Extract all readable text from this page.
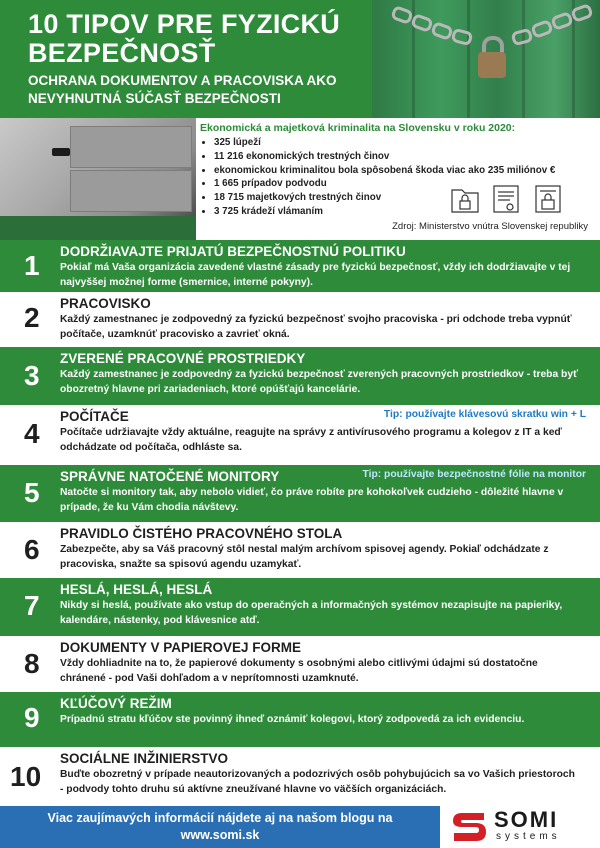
10 TIPOV PRE FYZICKÚ BEZPEČNOSŤ

OCHRANA DOKUMENTOV A PRACOVISKA AKO NEVYHNUTNÁ SÚČASŤ BEZPEČNOSTI

Ekonomická a majetková kriminalita na Slovensku v roku 2020:

• 325 lúpeží
• 11 216 ekonomických trestných činov
• ekonomickou kriminalitou bola spôsobená škoda viac ako 235 miliónov €
• 1 665 prípadov podvodu
• 18 715 majetkových trestných činov
• 3 725 krádeží vlámaním

Zdroj: Ministerstvo vnútra Slovenskej republiky

1 DODRŽIAVAJTE PRIJATÚ BEZPEČNOSTNÚ POLITIKU

Pokiaľ má Vaša organizácia zavedené vlastné zásady pre fyzickú bezpečnosť, vždy ich dodržiavajte v tej najvyššej možnej forme (smernice, interné pokyny).

2 PRACOVISKO

Každý zamestnanec je zodpovedný za fyzickú bezpečnosť svojho pracoviska - pri odchode treba vypnúť počítače, uzamknúť pracovisko a zavrieť okná.

3

ZVERENÉ PRACOVNÉ PROSTRIEDKY

Každý zamestnanec je zodpovedný za fyzickú bezpečnosť zverených pracovných prostriedkov - treba byť obozretný hlavne pri zariadeniach, ktoré opúšťajú kancelárie.

4

POČÍTAČE	Tip: používajte klávesovú skratku win + L

Počítače udržiavajte vždy aktuálne, reagujte na správy z antivírusového programu a kolegov z IT a keď odchádzate od počítača, odhláste sa.

5

SPRÁVNE NATOČENÉ MONITORY	Tip: používajte bezpečnostné fólie na monitor

Natočte si monitory tak, aby nebolo vidieť, čo práve robíte pre kohokoľvek cudzieho - dôležité hlavne v prípade, že ku Vám chodia návštevy.

6

PRAVIDLO ČISTÉHO PRACOVNÉHO STOLA

Zabezpečte, aby sa Váš pracovný stôl nestal malým archívom spisovej agendy. Pokiaľ odchádzate z pracoviska, snažte sa spisovú agendu uzamykať.

7

HESLÁ, HESLÁ, HESLÁ

Nikdy si heslá, používate ako vstup do operačných a informačných systémov nezapisujte na papieriky, kalendáre, nástenky, pod klávesnice atď.

8

DOKUMENTY V PAPIEROVEJ FORME

Vždy dohliadnite na to, že papierové dokumenty s osobnými alebo citlivými údajmi sú dostatočne chránené - pod Vaši dohľadom a v neprítomnosti uzamknuté.

9 KĽÚČOVÝ REŽIM

Prípadnú stratu kľúčov ste povinný ihneď oznámiť kolegovi, ktorý zodpovedá za ich evidenciu.

10

SOCIÁLNE INŽINIERSTVO

Buďte obozretný v prípade neautorizovaných a podozrivých osôb pohybujúcich sa vo Vašich priestoroch - podvody tohto druhu sú aktívne zneužívané hlavne vo väčších organizáciách.

Viac zaujímavých informácií nájdete aj na našom blogu na www.somi.sk

SOMI

systems
